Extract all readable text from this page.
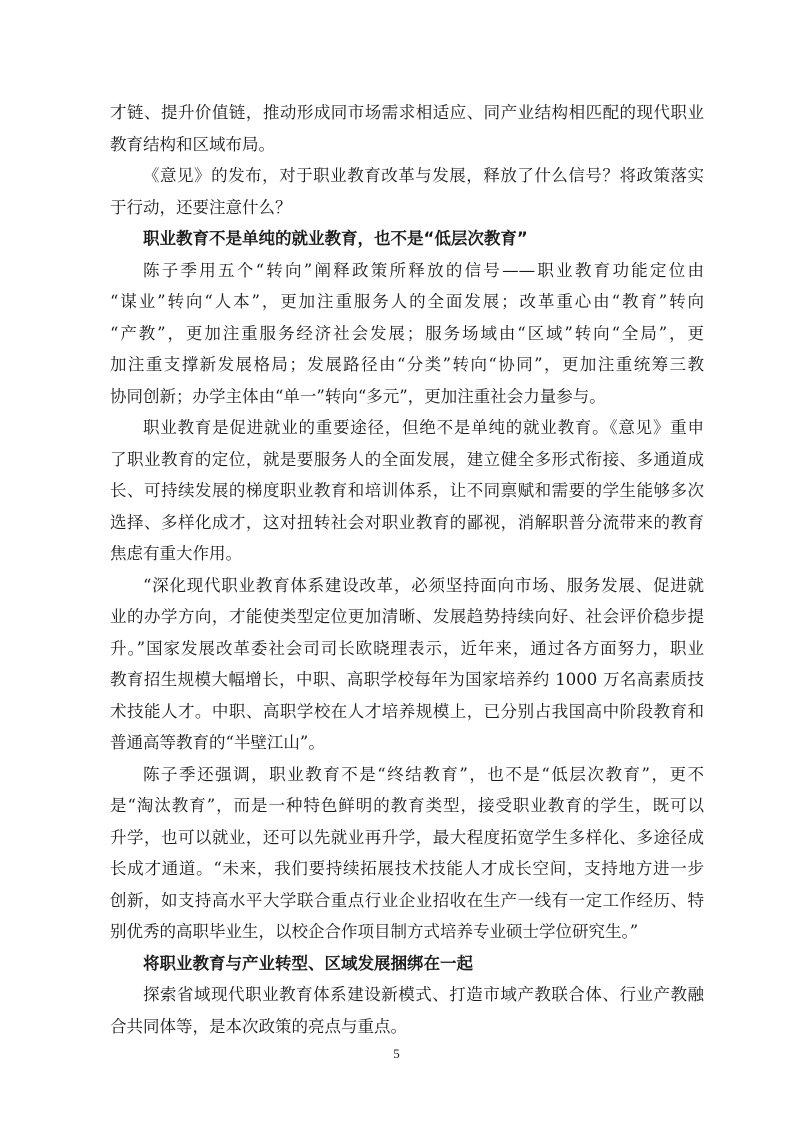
才链、提升价值链，推动形成同市场需求相适应、同产业结构相匹配的现代职业
教育结构和区域布局。
《意见》的发布，对于职业教育改革与发展，释放了什么信号？将政策落实
于行动，还要注意什么？
职业教育不是单纯的就业教育，也不是“低层次教育”
陈子季用五个“转向”阐释政策所释放的信号——职业教育功能定位由
“谋业”转向“人本”，更加注重服务人的全面发展；改革重心由“教育”转向
“产教”，更加注重服务经济社会发展；服务场域由“区域”转向“全局”，更
加注重支撑新发展格局；发展路径由“分类”转向“协同”，更加注重统筹三教
协同创新；办学主体由“单一”转向“多元”，更加注重社会力量参与。
职业教育是促进就业的重要途径，但绝不是单纯的就业教育。《意见》重申
了职业教育的定位，就是要服务人的全面发展，建立健全多形式衔接、多通道成
长、可持续发展的梯度职业教育和培训体系，让不同禀赋和需要的学生能够多次
选择、多样化成才，这对扭转社会对职业教育的鄙视，消解职普分流带来的教育
焦虑有重大作用。
“深化现代职业教育体系建设改革，必须坚持面向市场、服务发展、促进就
业的办学方向，才能使类型定位更加清晰、发展趋势持续向好、社会评价稳步提
升。”国家发展改革委社会司司长欧晓理表示，近年来，通过各方面努力，职业
教育招生规模大幅增长，中职、高职学校每年为国家培养约 1000 万名高素质技
术技能人才。中职、高职学校在人才培养规模上，已分别占我国高中阶段教育和
普通高等教育的“半壁江山”。
陈子季还强调，职业教育不是“终结教育”，也不是“低层次教育”，更不
是“淘汰教育”，而是一种特色鲜明的教育类型，接受职业教育的学生，既可以
升学，也可以就业，还可以先就业再升学，最大程度拓宽学生多样化、多途径成
长成才通道。“未来，我们要持续拓展技术技能人才成长空间，支持地方进一步
创新，如支持高水平大学联合重点行业企业招收在生产一线有一定工作经历、特
别优秀的高职毕业生，以校企合作项目制方式培养专业硕士学位研究生。”
将职业教育与产业转型、区域发展捆绑在一起
探索省域现代职业教育体系建设新模式、打造市域产教联合体、行业产教融
合共同体等，是本次政策的亮点与重点。
5
